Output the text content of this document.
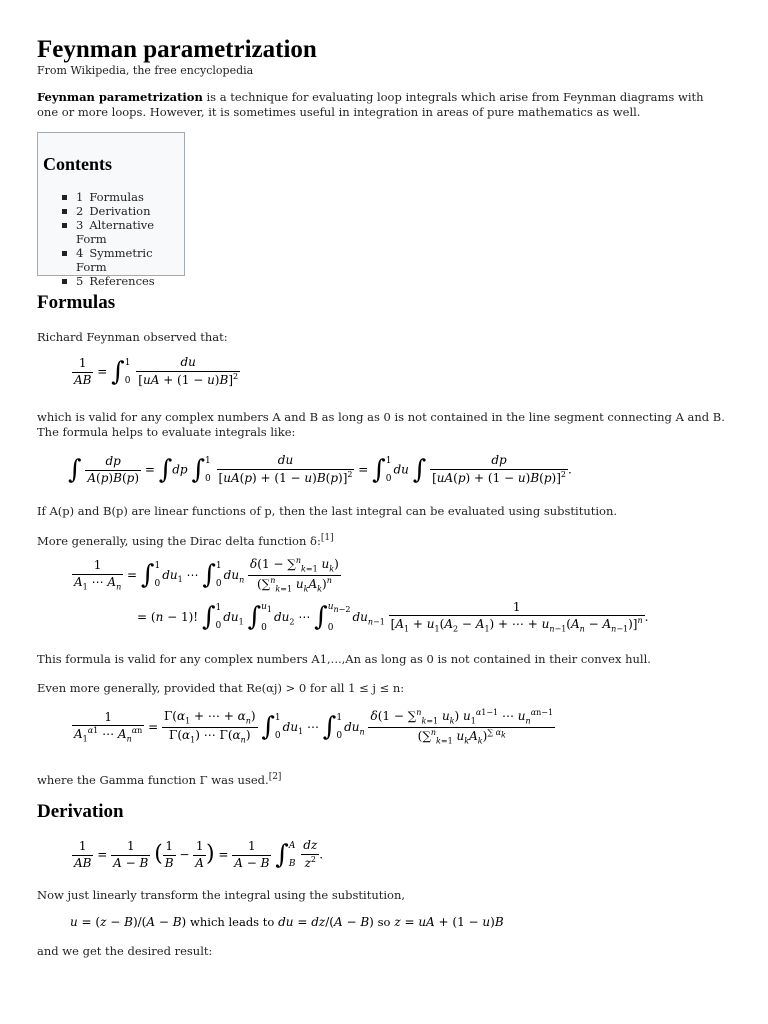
Feynman parametrization
From Wikipedia, the free encyclopedia
Feynman parametrization is a technique for evaluating loop integrals which arise from Feynman diagrams with one or more loops. However, it is sometimes useful in integration in areas of pure mathematics as well.
Contents
1 Formulas
2 Derivation
3 Alternative Form
4 Symmetric Form
5 References
Formulas
Richard Feynman observed that:
$\frac{1}{AB}$ = ∫ 1
0
$\frac{du}{[uA + (1 - u)B]^2}$
which is valid for any complex numbers A and B as long as 0 is not contained in the line segment connecting A and B. The formula helps to evaluate integrals like:
∫ $\frac{dp}{A(p)B(p)} = \int dp$ ∫ 1
0
$\frac{du}{[uA(p) + (1 - u)B(p)]^2}$ = ∫ 1
0
du ∫ $\frac{dp}{[uA(p) + (1 - u)B(p)]^2}$ .
If A(p) and B(p) are linear functions of p, then the last integral can be evaluated using substitution.
More generally, using the Dirac delta function δ:[1]
$\frac{1}{A_1 \cdots A_n}$ = ∫ 1
0
$du_1$ ⋯ ∫ 1
0
$du_n \frac{\delta(1 - \sum^n_{k=1} u_k)}{(\sum^n_{k=1} u_kA_k)^n}$
= (n − 1)! ∫ 1
0
$du_1$ ∫ $u_1$
0
$du_2$ ⋯ ∫ $u_{n-2}$
0
$du_{n-1} \frac{1}{[A_1 + u_1(A_2 - A_1) + \cdots + u_{n-1}(A_n - A_{n-1})]^n}$ .
This formula is valid for any complex numbers A1,...,An as long as 0 is not contained in their convex hull.
Even more generally, provided that Re(αj) > 0 for all 1 ≤ j ≤ n:
$\frac{1}{A_1^{\alpha 1} \cdots A_n^{\alpha n}} = \frac{\Gamma(\alpha_1 + \cdots + \alpha_n)}{\Gamma(\alpha_1) \cdots \Gamma(\alpha_n)}$ ∫ 1
0
$du_1$ ⋯ ∫ 1
0
$du_n \frac{\delta(1 - \sum^n_{k=1} u_k) u_1^{\alpha 1-1} \cdots u_n^{\alpha n-1}}{(\sum^n_{k=1} u_kA_k)^{\sum \alpha_k}}$
where the Gamma function Γ was used.[2]
Derivation
$\frac{1}{AB} = \frac{1}{A - B}$ ( $\frac{1}{B} - \frac{1}{A}$ ) = $\frac{1}{A - B}$ ∫ A
B
$\frac{dz}{z^2}$ .
Now just linearly transform the integral using the substitution,
u = (z − B)/(A − B) which leads to du = dz/(A − B) so z = uA + (1 − u)B
and we get the desired result:
